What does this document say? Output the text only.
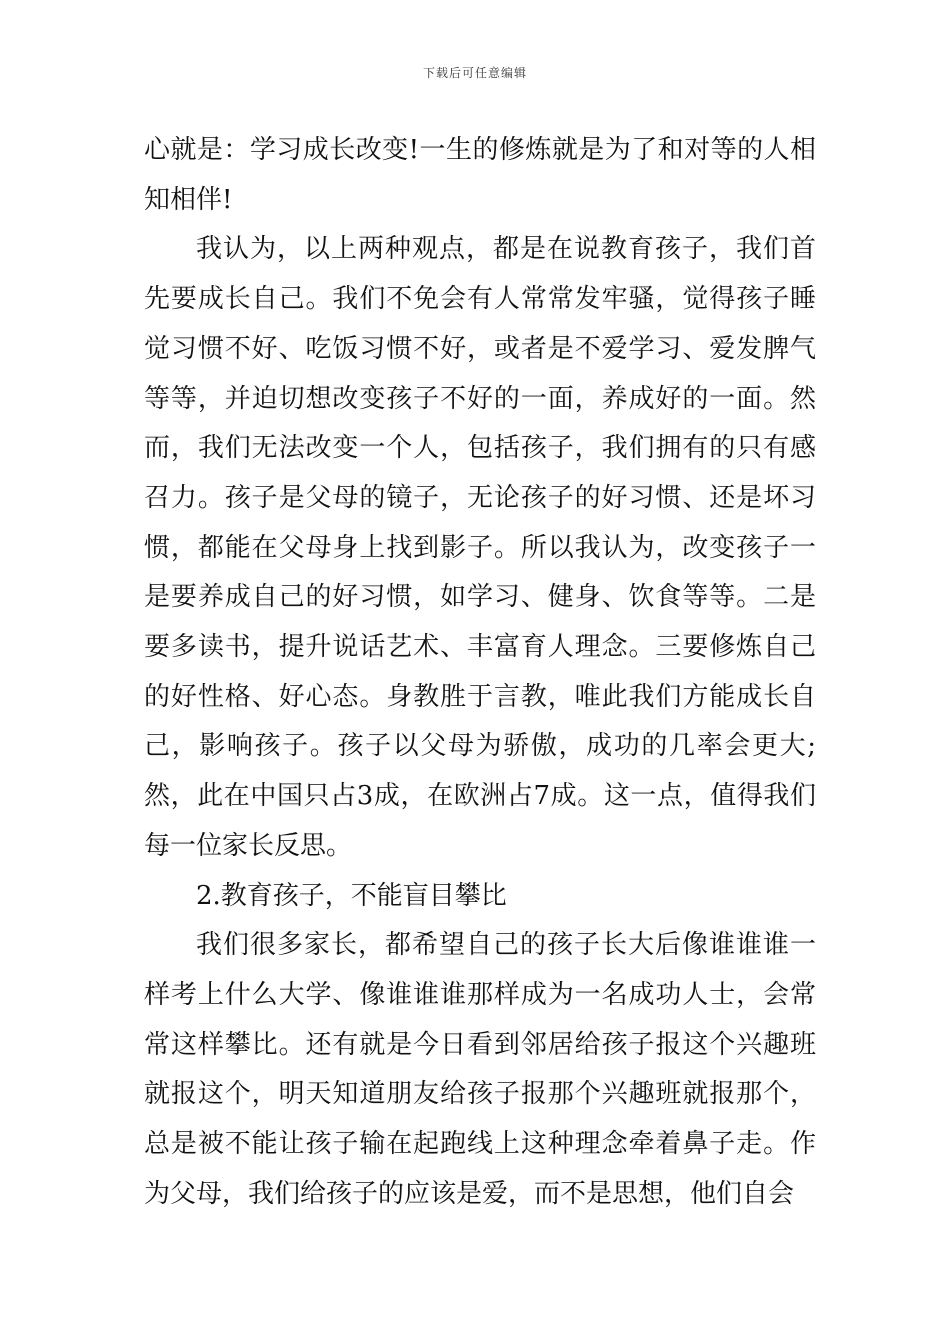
下载后可任意编辑

心就是：学习成长改变!一生的修炼就是为了和对等的人相知相伴!

我认为，以上两种观点，都是在说教育孩子，我们首先要成长自己。我们不免会有人常常发牢骚，觉得孩子睡觉习惯不好、吃饭习惯不好，或者是不爱学习、爱发脾气等等，并迫切想改变孩子不好的一面，养成好的一面。然而，我们无法改变一个人，包括孩子，我们拥有的只有感召力。孩子是父母的镜子，无论孩子的好习惯、还是坏习惯，都能在父母身上找到影子。所以我认为，改变孩子一是要养成自己的好习惯，如学习、健身、饮食等等。二是要多读书，提升说话艺术、丰富育人理念。三要修炼自己的好性格、好心态。身教胜于言教，唯此我们方能成长自己，影响孩子。孩子以父母为骄傲，成功的几率会更大;然，此在中国只占3成，在欧洲占7成。这一点，值得我们每一位家长反思。

2.教育孩子，不能盲目攀比

我们很多家长，都希望自己的孩子长大后像谁谁谁一样考上什么大学、像谁谁谁那样成为一名成功人士，会常常这样攀比。还有就是今日看到邻居给孩子报这个兴趣班就报这个，明天知道朋友给孩子报那个兴趣班就报那个，总是被不能让孩子输在起跑线上这种理念牵着鼻子走。作为父母，我们给孩子的应该是爱，而不是思想，他们自会
